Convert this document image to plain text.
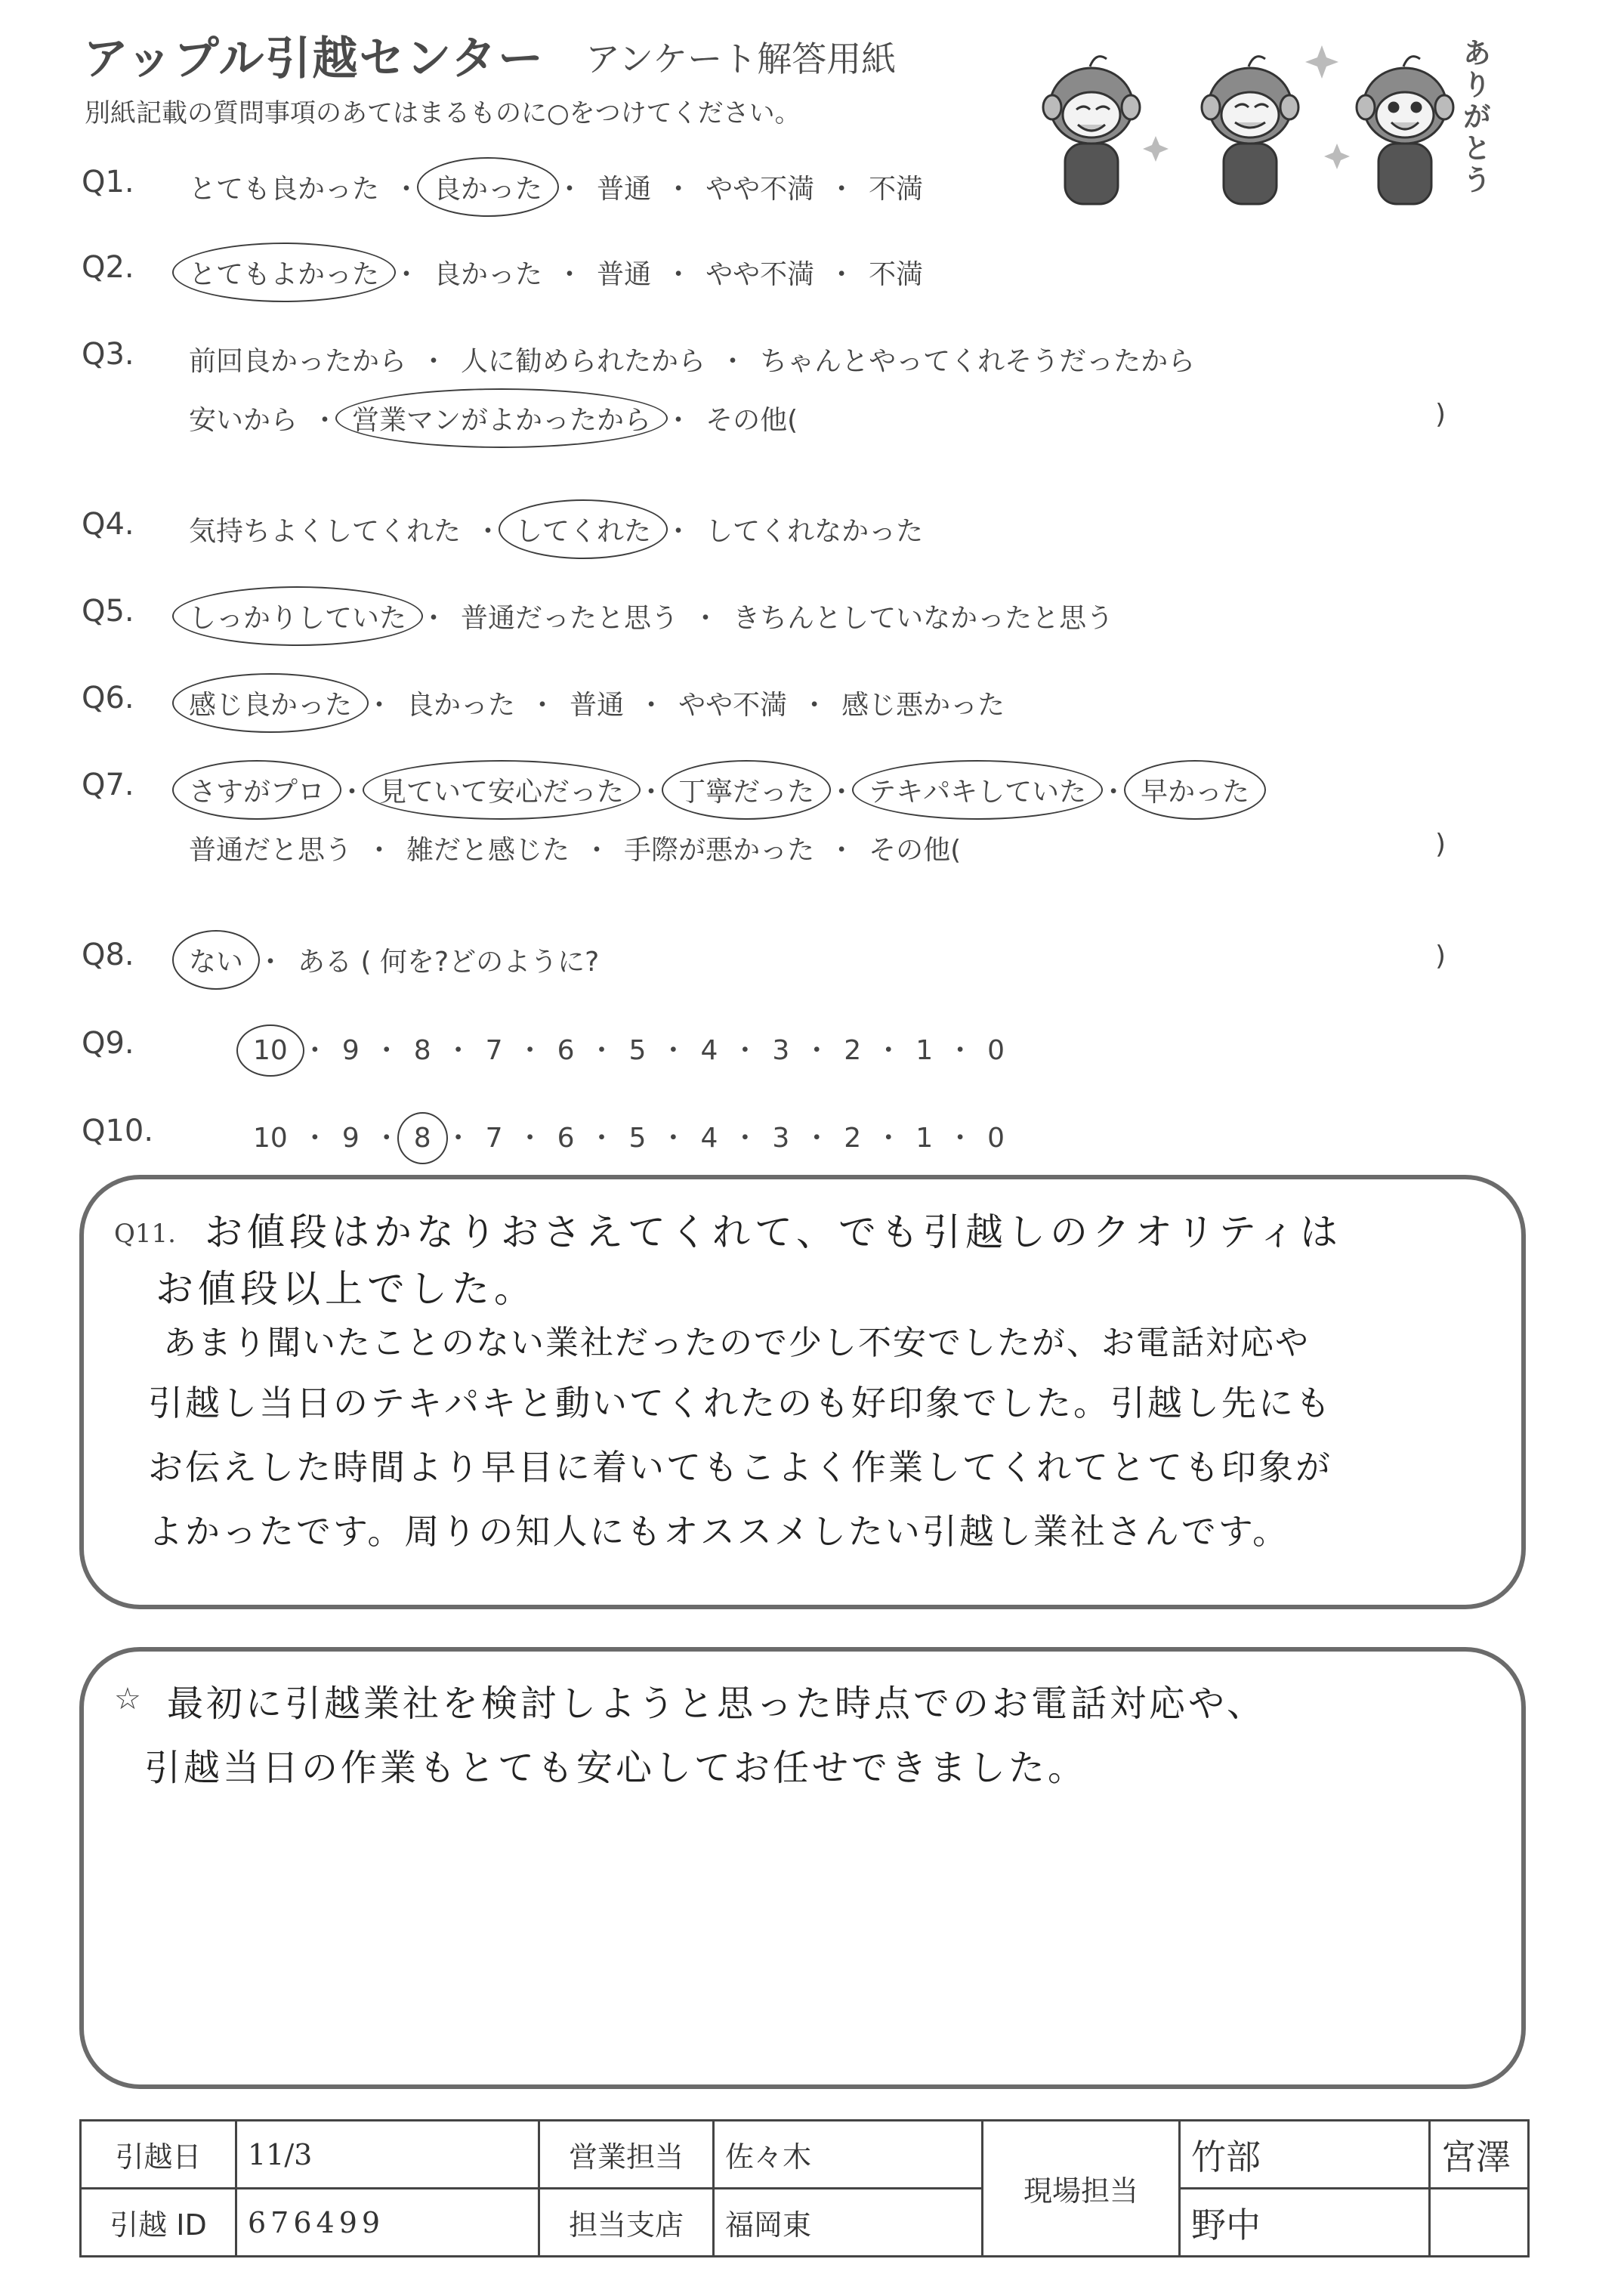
アップル引越センター アンケート解答用紙
別紙記載の質問事項のあてはまるものに○をつけてください。	ありがとう
Q1. とても良かった ・ 良かった ・ 普通 ・ やや不満 ・ 不満
Q2. とてもよかった ・ 良かった ・ 普通 ・ やや不満 ・ 不満
Q3. 前回良かったから ・ 人に勧められたから ・ ちゃんとやってくれそうだったから
安いから ・ 営業マンがよかったから ・ その他(	)
Q4. 気持ちよくしてくれた ・ してくれた ・ してくれなかった
Q5. しっかりしていた ・ 普通だったと思う ・ きちんとしていなかったと思う
Q6. 感じ良かった ・ 良かった ・ 普通 ・ やや不満 ・ 感じ悪かった
Q7. さすがプロ ・ 見ていて安心だった ・ 丁寧だった ・ テキパキしていた ・ 早かった
普通だと思う ・ 雑だと感じた ・ 手際が悪かった ・ その他(	)
Q8. ない ・ ある ( 何を?どのように?	)
Q9.	10 ・ 9 ・ 8 ・ 7 ・ 6 ・ 5 ・ 4 ・ 3 ・ 2 ・ 1 ・ 0
Q10.	10 ・ 9 ・ 8 ・ 7 ・ 6 ・ 5 ・ 4 ・ 3 ・ 2 ・ 1 ・ 0
Q11. お値段はかなりおさえてくれて、でも引越しのクオリティは
お値段以上でした。
あまり聞いたことのない業社だったので少し不安でしたが、お電話対応や
引越し当日のテキパキと動いてくれたのも好印象でした。引越し先にも
お伝えした時間より早目に着いてもこよく作業してくれてとても印象が
よかったです。周りの知人にもオススメしたい引越し業社さんです。
☆ 最初に引越業社を検討しようと思った時点でのお電話対応や、
引越当日の作業もとても安心してお任せできました。
引越日	11/3	営業担当	佐々木	現場担当	竹部	宮澤
引越 ID	676499	担当支店	福岡東		野中	
